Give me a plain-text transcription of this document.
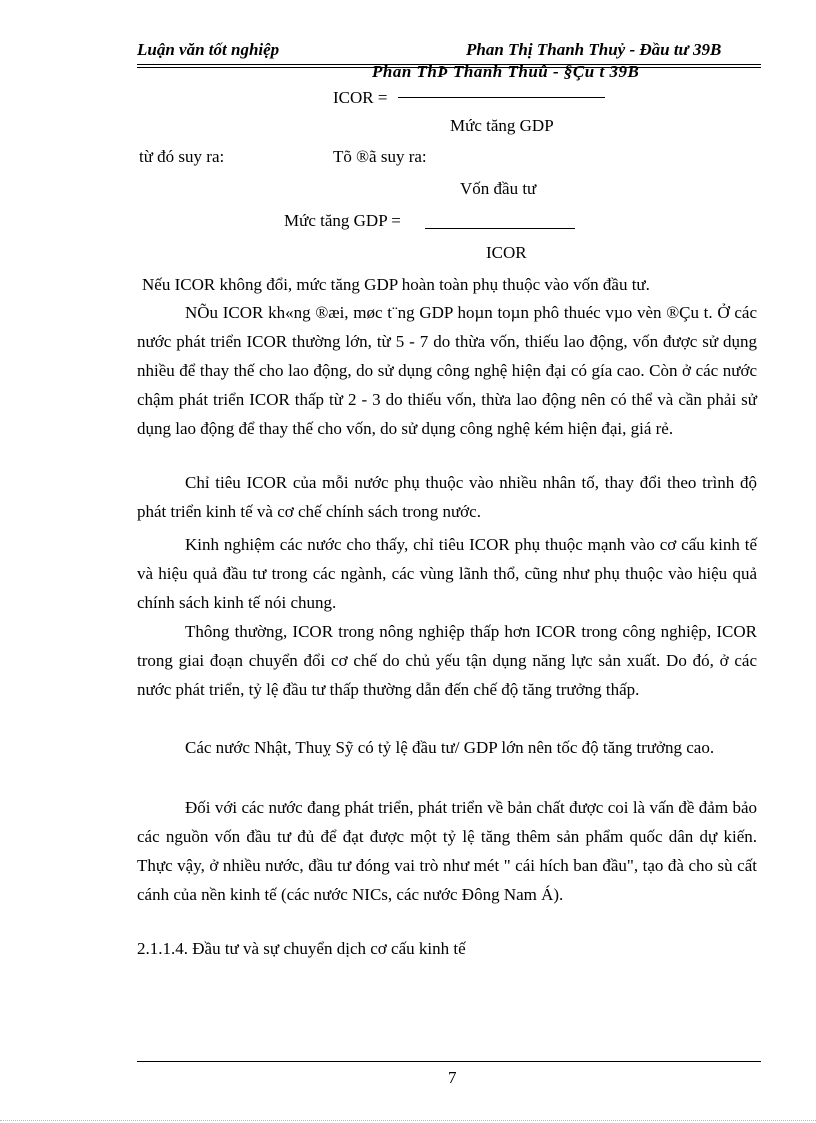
Luận văn tốt nghiệp	Phan Thị Thanh Thuỷ - Đầu tư 39B
Phan ThÞ Thanh Thuû - §Çu t 39B
ICOR =
Mức tăng GDP
từ đó suy ra:	Tõ ®ã suy ra:
Vốn đầu tư
Mức tăng GDP =
ICOR
Nếu ICOR không đổi, mức tăng GDP hoàn toàn phụ thuộc vào vốn đầu tư.
NÕu ICOR kh«ng ®æi, møc t¨ng GDP hoµn toµn phô thuéc vµo vèn ®Çu t. Ở các nước phát triển ICOR thường lớn, từ 5 - 7 do thừa vốn, thiếu lao động, vốn được sử dụng nhiều để thay thế cho lao động, do sử dụng công nghệ hiện đại có gía cao. Còn ở các nước chậm phát triển ICOR thấp từ 2 - 3 do thiếu vốn, thừa lao động nên có thể và cần phải sử dụng lao động để thay thế cho vốn, do sử dụng công nghệ kém hiện đại, giá rẻ.
Chỉ tiêu ICOR của mỗi nước phụ thuộc vào nhiều nhân tố, thay đổi theo trình độ phát triển kinh tế và cơ chế chính sách trong nước.
Kinh nghiệm các nước cho thấy, chỉ tiêu ICOR phụ thuộc mạnh vào cơ cấu kinh tế và hiệu quả đầu tư trong các ngành, các vùng lãnh thổ, cũng như phụ thuộc vào hiệu quả chính sách kinh tế nói chung.
Thông thường, ICOR trong nông nghiệp thấp hơn ICOR trong công nghiệp, ICOR trong giai đoạn chuyển đổi cơ chế do chủ yếu tận dụng năng lực sản xuất. Do đó, ở các nước phát triển, tỷ lệ đầu tư thấp thường dẫn đến chế độ tăng trưởng thấp.
Các nước Nhật, Thuỵ Sỹ có tỷ lệ đầu tư/ GDP lớn nên tốc độ tăng trưởng cao.
Đối với các nước đang phát triển, phát triển về bản chất được coi là vấn đề đảm bảo các nguồn vốn đầu tư đủ để đạt được một tỷ lệ tăng thêm sản phẩm quốc dân dự kiến. Thực vậy, ở nhiều nước, đầu tư đóng vai trò như mét " cái hích ban đầu", tạo đà cho sù cất cánh của nền kinh tế (các nước NICs, các nước Đông Nam Á).
2.1.1.4. Đầu tư và sự chuyển dịch cơ cấu kinh tế
7
